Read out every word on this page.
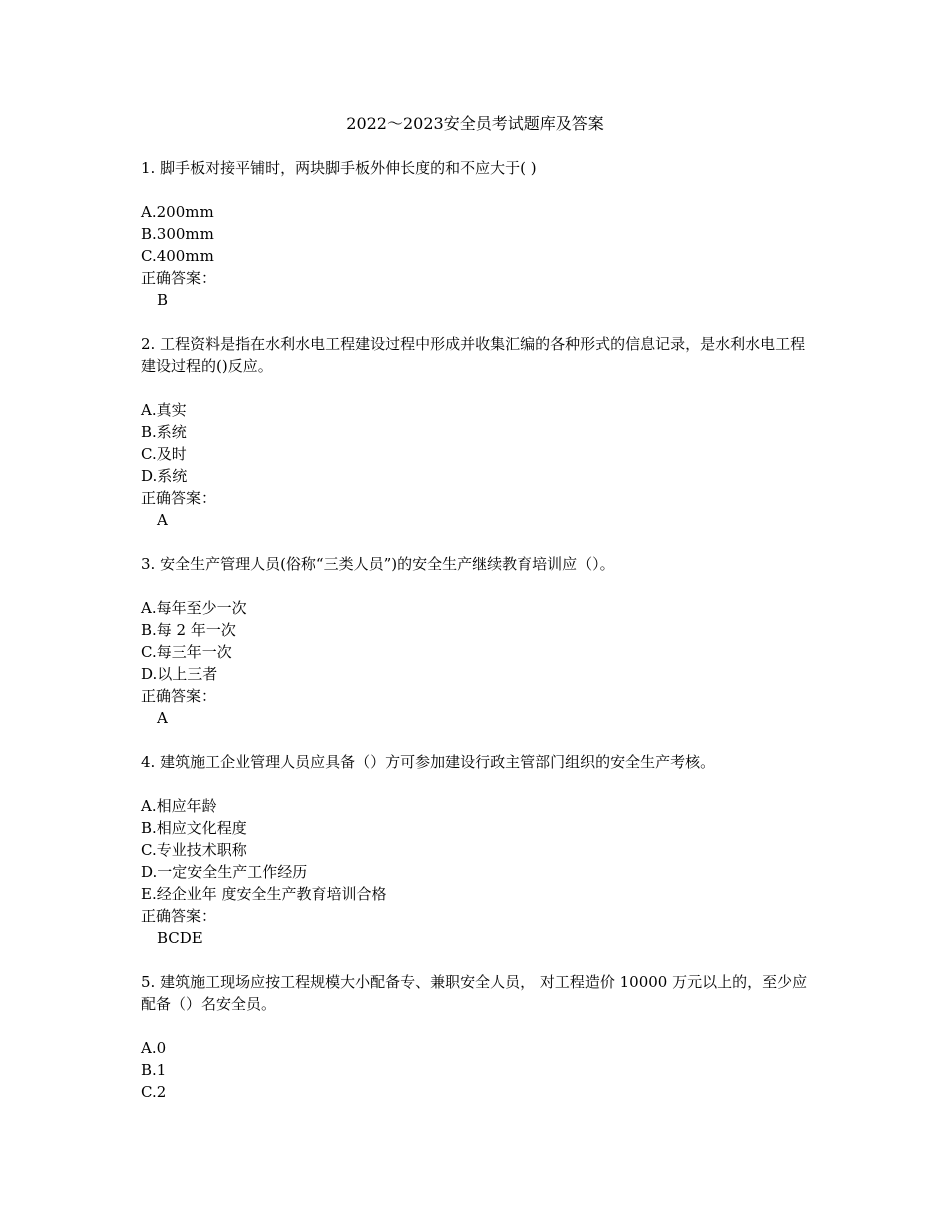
2022～2023安全员考试题库及答案
1. 脚手板对接平铺时，两块脚手板外伸长度的和不应大于( )
A.200mm
B.300mm
C.400mm
正确答案：
B
2. 工程资料是指在水利水电工程建设过程中形成并收集汇编的各种形式的信息记录，是水利水电工程建设过程的()反应。
A.真实
B.系统
C.及时
D.系统
正确答案：
A
3. 安全生产管理人员(俗称“三类人员”)的安全生产继续教育培训应（）。
A.每年至少一次
B.每 2 年一次
C.每三年一次
D.以上三者
正确答案：
A
4. 建筑施工企业管理人员应具备（）方可参加建设行政主管部门组织的安全生产考核。
A.相应年龄
B.相应文化程度
C.专业技术职称
D.一定安全生产工作经历
E.经企业年 度安全生产教育培训合格
正确答案：
BCDE
5. 建筑施工现场应按工程规模大小配备专、兼职安全人员， 对工程造价 10000 万元以上的，至少应配备（）名安全员。
A.0
B.1
C.2
